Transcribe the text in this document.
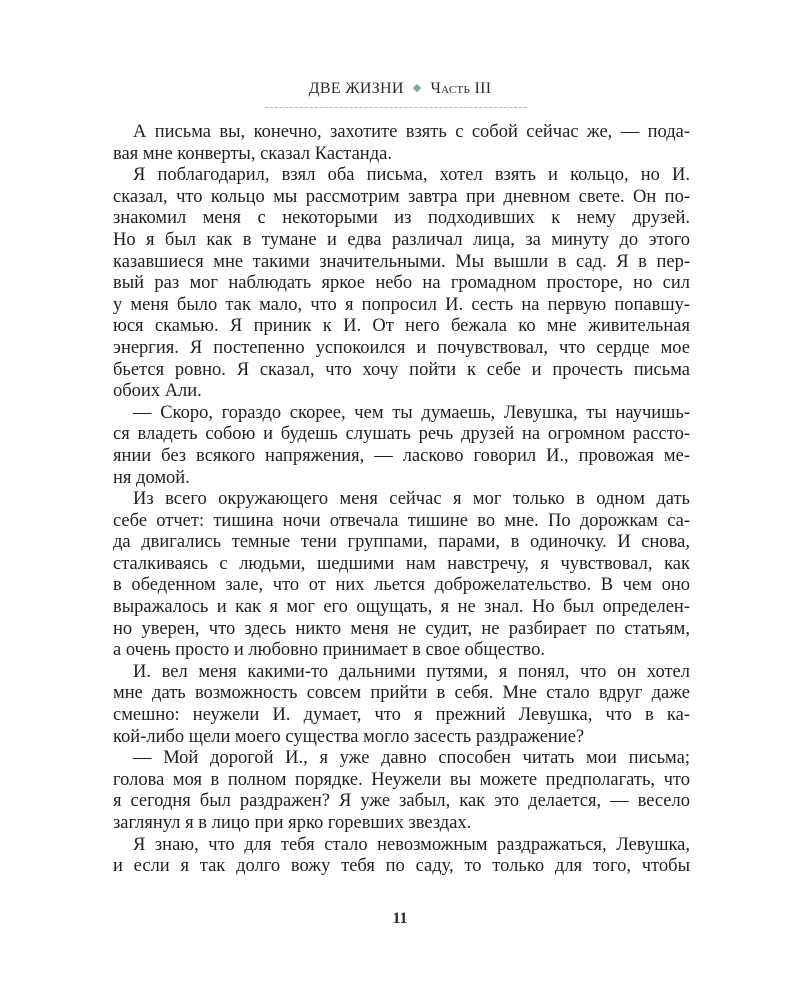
ДВЕ ЖИЗНИ ◆ Часть III
А письма вы, конечно, захотите взять с собой сейчас же, — пода-
вая мне конверты, сказал Кастанда.
Я поблагодарил, взял оба письма, хотел взять и кольцо, но И.
сказал, что кольцо мы рассмотрим завтра при дневном свете. Он по-
знакомил меня с некоторыми из подходивших к нему друзей.
Но я был как в тумане и едва различал лица, за минуту до этого
казавшиеся мне такими значительными. Мы вышли в сад. Я в пер-
вый раз мог наблюдать яркое небо на громадном просторе, но сил
у меня было так мало, что я попросил И. сесть на первую попавшу-
юся скамью. Я приник к И. От него бежала ко мне живительная
энергия. Я постепенно успокоился и почувствовал, что сердце мое
бьется ровно. Я сказал, что хочу пойти к себе и прочесть письма
обоих Али.
— Скоро, гораздо скорее, чем ты думаешь, Левушка, ты научишь-
ся владеть собою и будешь слушать речь друзей на огромном рассто-
янии без всякого напряжения, — ласково говорил И., провожая ме-
ня домой.
Из всего окружающего меня сейчас я мог только в одном дать
себе отчет: тишина ночи отвечала тишине во мне. По дорожкам са-
да двигались темные тени группами, парами, в одиночку. И снова,
сталкиваясь с людьми, шедшими нам навстречу, я чувствовал, как
в обеденном зале, что от них льется доброжелательство. В чем оно
выражалось и как я мог его ощущать, я не знал. Но был определен-
но уверен, что здесь никто меня не судит, не разбирает по статьям,
а очень просто и любовно принимает в свое общество.
И. вел меня какими-то дальними путями, я понял, что он хотел
мне дать возможность совсем прийти в себя. Мне стало вдруг даже
смешно: неужели И. думает, что я прежний Левушка, что в ка-
кой-либо щели моего существа могло засесть раздражение?
— Мой дорогой И., я уже давно способен читать мои письма;
голова моя в полном порядке. Неужели вы можете предполагать, что
я сегодня был раздражен? Я уже забыл, как это делается, — весело
заглянул я в лицо при ярко горевших звездах.
Я знаю, что для тебя стало невозможным раздражаться, Левушка,
и если я так долго вожу тебя по саду, то только для того, чтобы
11
